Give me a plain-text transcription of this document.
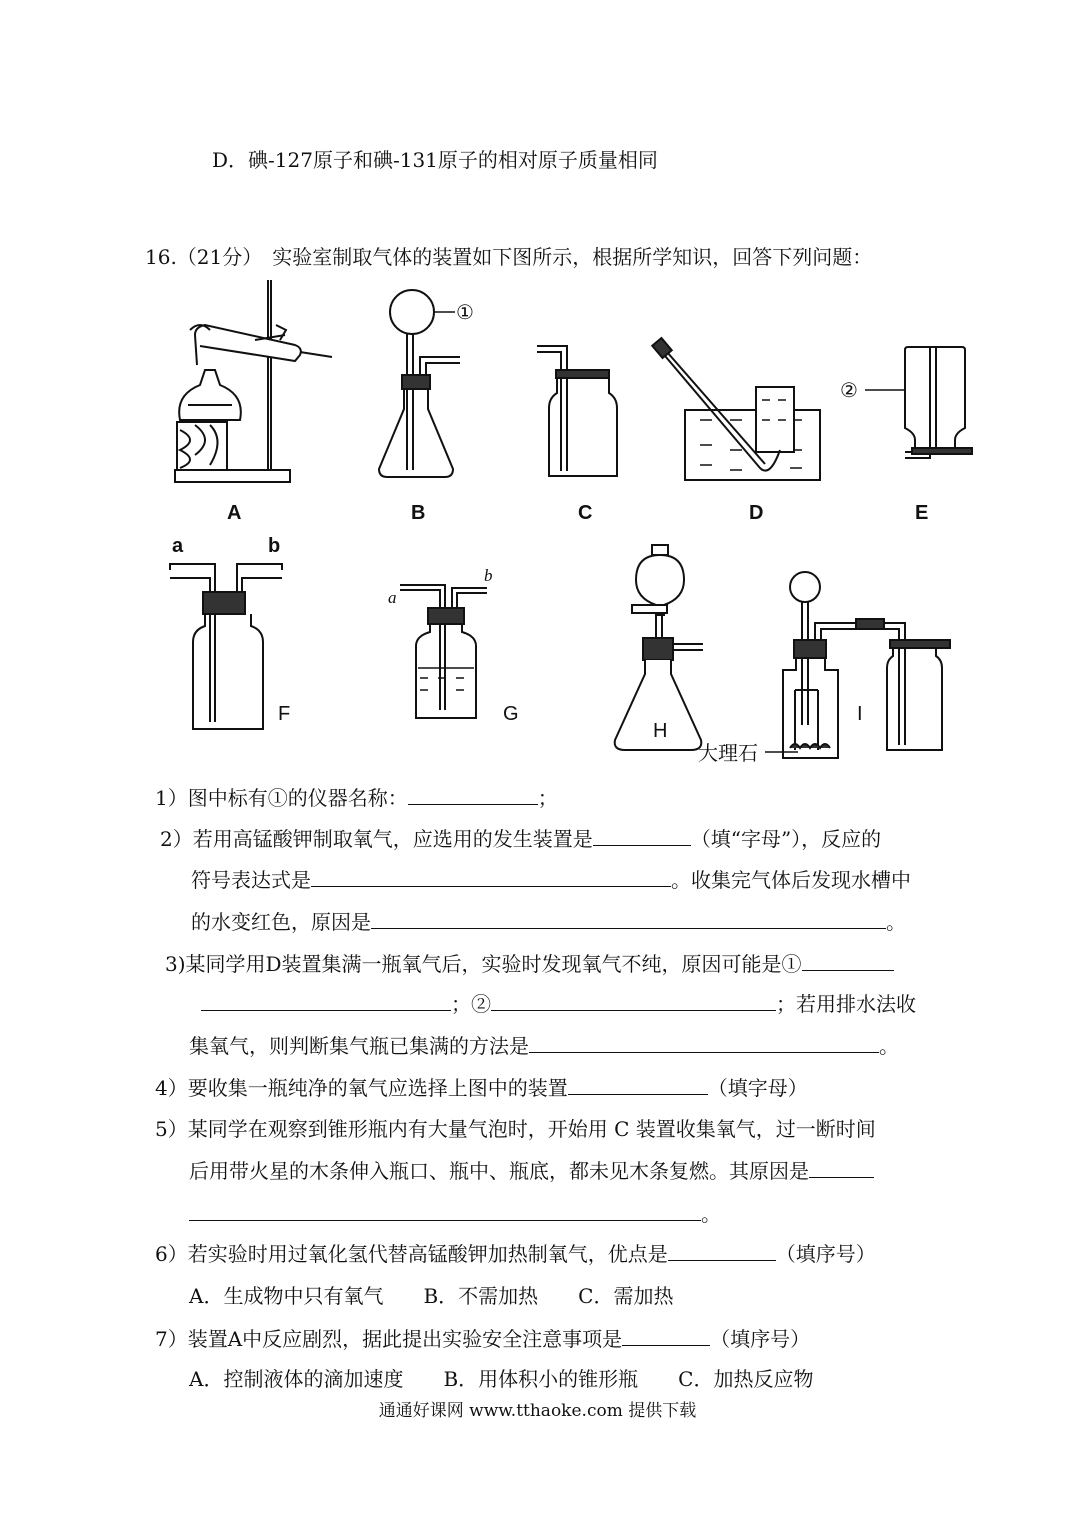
D．碘-127原子和碘-131原子的相对原子质量相同
16.（21分）　实验室制取气体的装置如下图所示，根据所学知识，回答下列问题：
A	B	C	D	E
F	G
H
I
①
②
a	b
a
b
大理石
1）图中标有①的仪器名称：	；
2）若用高锰酸钾制取氧气，应选用的发生装置是	（填“字母”），反应的
符号表达式是	。收集完气体后发现水槽中
的水变红色，原因是	。
3)某同学用D装置集满一瓶氧气后，实验时发现氧气不纯，原因可能是①
；②	；若用排水法收
集氧气，则判断集气瓶已集满的方法是	。
4）要收集一瓶纯净的氧气应选择上图中的装置	（填字母）
5）某同学在观察到锥形瓶内有大量气泡时，开始用 C 装置收集氧气，过一断时间
后用带火星的木条伸入瓶口、瓶中、瓶底，都未见木条复燃。其原因是
。
6）若实验时用过氧化氢代替高锰酸钾加热制氧气，优点是	（填序号）
A．生成物中只有氧气　　B．不需加热　　C．需加热
7）装置A中反应剧烈，据此提出实验安全注意事项是	（填序号）
A．控制液体的滴加速度　　B．用体积小的锥形瓶　　C．加热反应物
通通好课网 www.tthaoke.com 提供下载
